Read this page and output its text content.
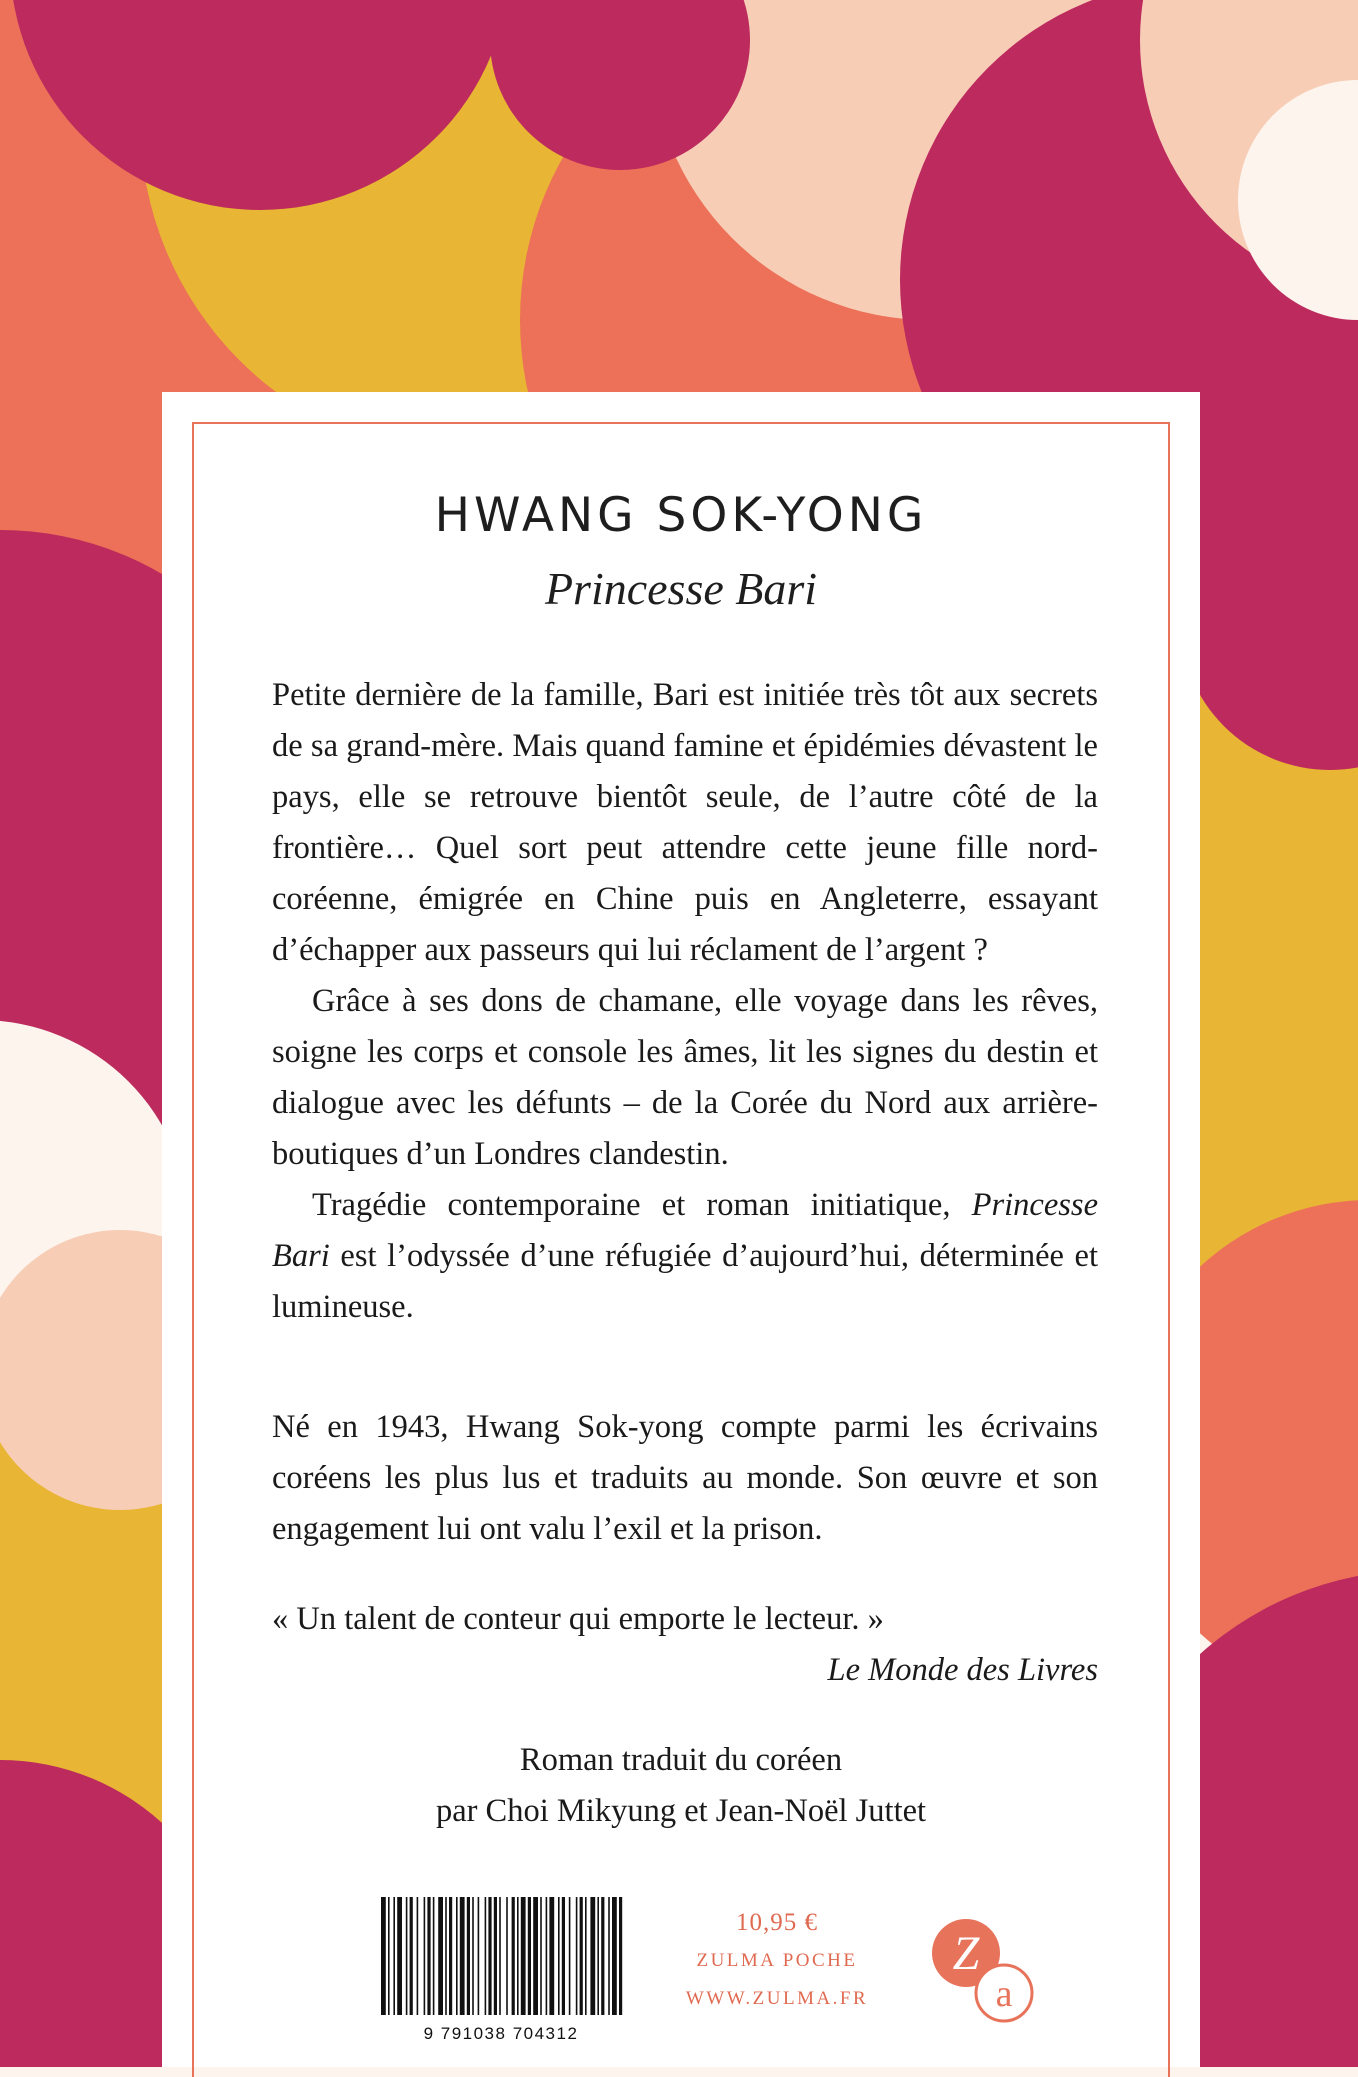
HWANG SOK-YONG
Princesse Bari

Petite dernière de la famille, Bari est initiée très tôt aux secrets de sa grand-mère. Mais quand famine et épidémies dévastent le pays, elle se retrouve bientôt seule, de l’autre côté de la frontière… Quel sort peut attendre cette jeune fille nord-coréenne, émigrée en Chine puis en Angleterre, essayant d’échapper aux passeurs qui lui réclament de l’argent ?

Grâce à ses dons de chamane, elle voyage dans les rêves, soigne les corps et console les âmes, lit les signes du destin et dialogue avec les défunts – de la Corée du Nord aux arrière-boutiques d’un Londres clandestin.

Tragédie contemporaine et roman initiatique, Princesse Bari est l’odyssée d’une réfugiée d’aujourd’hui, déterminée et lumineuse.

Né en 1943, Hwang Sok-yong compte parmi les écrivains coréens les plus lus et traduits au monde. Son œuvre et son engagement lui ont valu l’exil et la prison.

« Un talent de conteur qui emporte le lecteur. »

Le Monde des Livres

Roman traduit du coréen
par Choi Mikyung et Jean-Noël Juttet
9 791038 704312
10,95 €
ZULMA POCHE
WWW.ZULMA.FR
Z
a
